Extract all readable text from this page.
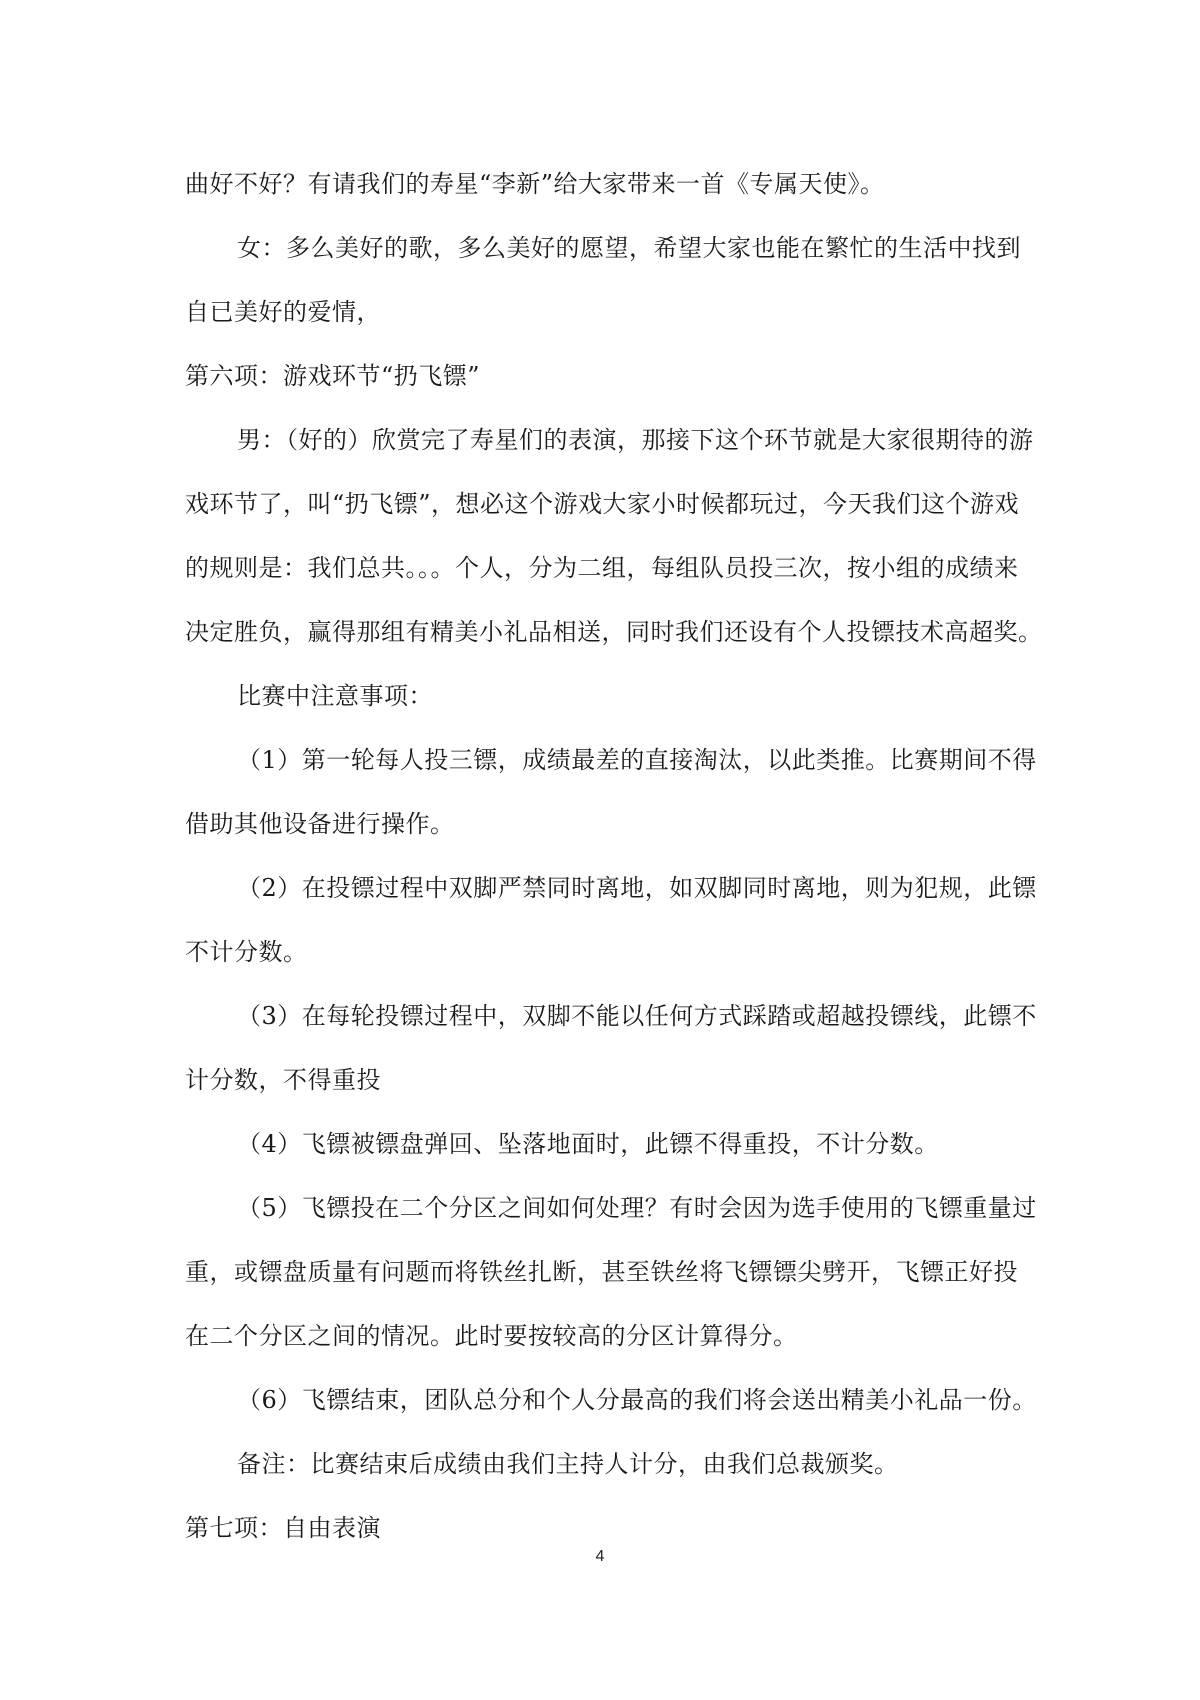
曲好不好？有请我们的寿星“李新”给大家带来一首《专属天使》。
女：多么美好的歌，多么美好的愿望，希望大家也能在繁忙的生活中找到
自已美好的爱情，
第六项：游戏环节“扔飞镖”
男：（好的）欣赏完了寿星们的表演，那接下这个环节就是大家很期待的游
戏环节了，叫“扔飞镖”，想必这个游戏大家小时候都玩过，今天我们这个游戏
的规则是：我们总共。。。个人，分为二组，每组队员投三次，按小组的成绩来
决定胜负，赢得那组有精美小礼品相送，同时我们还设有个人投镖技术高超奖。
比赛中注意事项：
（1）第一轮每人投三镖，成绩最差的直接淘汰，以此类推。比赛期间不得
借助其他设备进行操作。
（2）在投镖过程中双脚严禁同时离地，如双脚同时离地，则为犯规，此镖
不计分数。
（3）在每轮投镖过程中，双脚不能以任何方式踩踏或超越投镖线，此镖不
计分数，不得重投
（4）飞镖被镖盘弹回、坠落地面时，此镖不得重投，不计分数。
（5）飞镖投在二个分区之间如何处理？有时会因为选手使用的飞镖重量过
重，或镖盘质量有问题而将铁丝扎断，甚至铁丝将飞镖镖尖劈开，飞镖正好投
在二个分区之间的情况。此时要按较高的分区计算得分。
（6）飞镖结束，团队总分和个人分最高的我们将会送出精美小礼品一份。
备注：比赛结束后成绩由我们主持人计分，由我们总裁颁奖。
第七项：自由表演
4
